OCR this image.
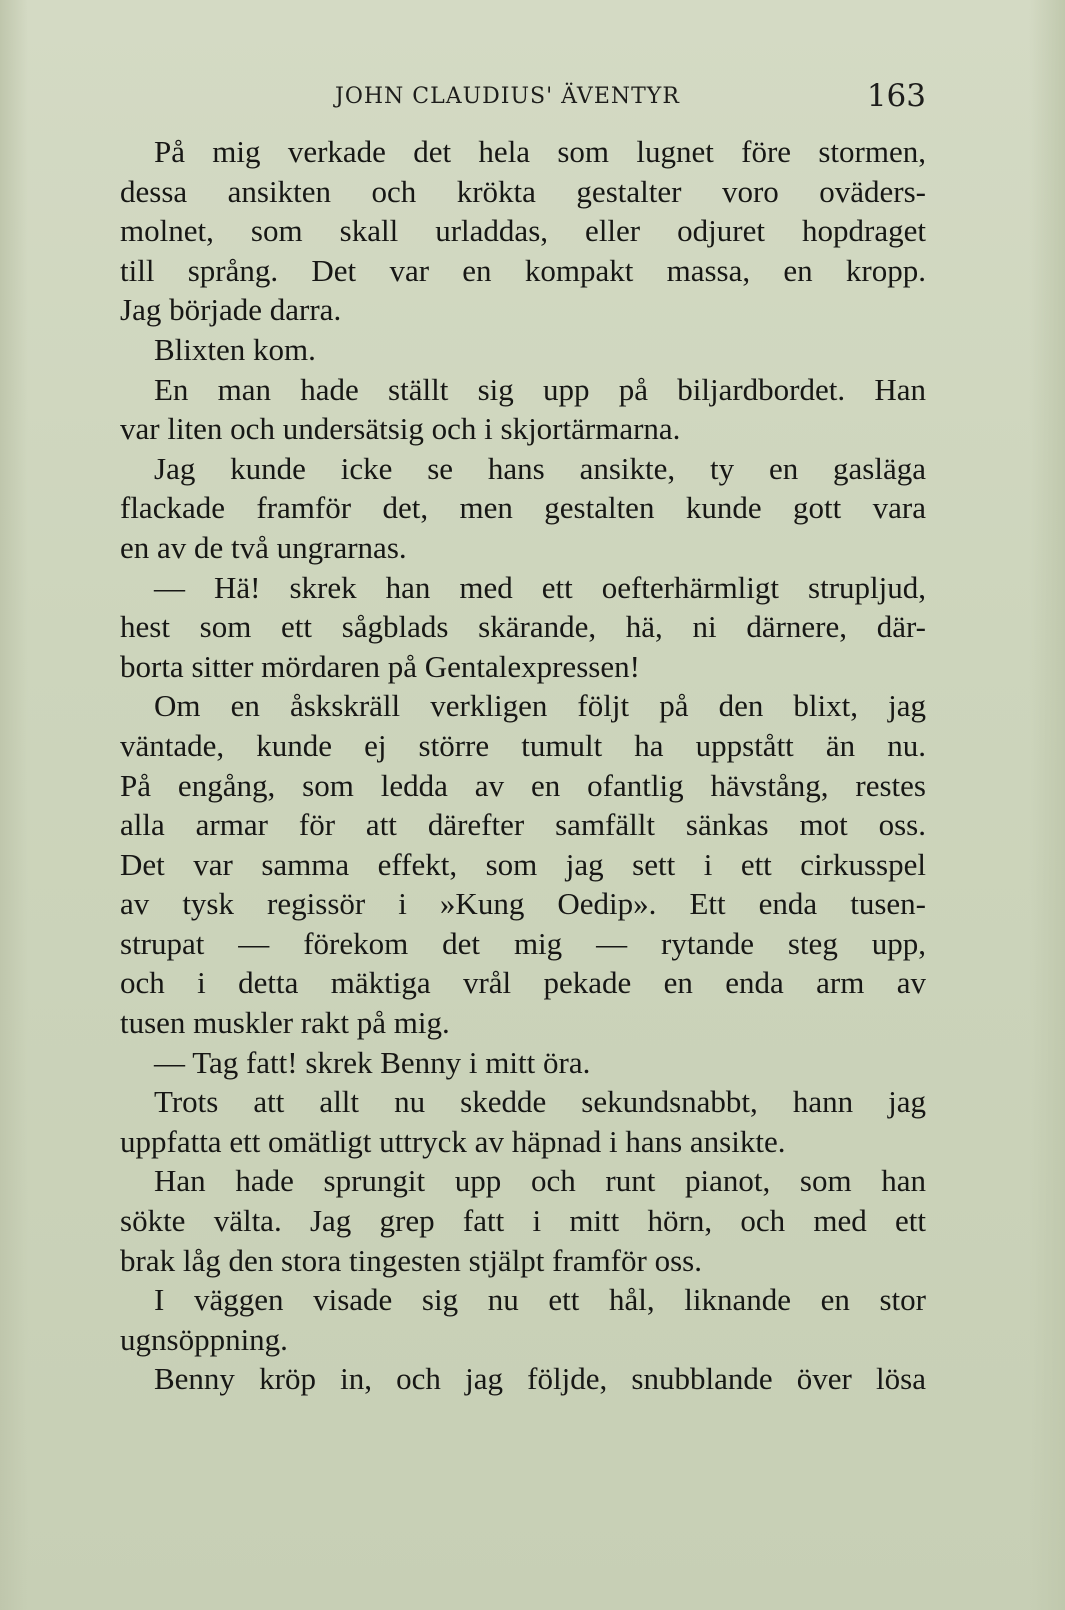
JOHN CLAUDIUS' ÄVENTYR	163
På mig verkade det hela som lugnet före stormen,
dessa ansikten och krökta gestalter voro oväders-
molnet, som skall urladdas, eller odjuret hopdraget
till språng. Det var en kompakt massa, en kropp.
Jag började darra.
Blixten kom.
En man hade ställt sig upp på biljardbordet. Han
var liten och undersätsig och i skjortärmarna.
Jag kunde icke se hans ansikte, ty en gasläga
flackade framför det, men gestalten kunde gott vara
en av de två ungrarnas.
— Hä! skrek han med ett oefterhärmligt strupljud,
hest som ett sågblads skärande, hä, ni därnere, där-
borta sitter mördaren på Gentalexpressen!
Om en åskskräll verkligen följt på den blixt, jag
väntade, kunde ej större tumult ha uppstått än nu.
På engång, som ledda av en ofantlig hävstång, restes
alla armar för att därefter samfällt sänkas mot oss.
Det var samma effekt, som jag sett i ett cirkusspel
av tysk regissör i »Kung Oedip». Ett enda tusen-
strupat — förekom det mig — rytande steg upp,
och i detta mäktiga vrål pekade en enda arm av
tusen muskler rakt på mig.
— Tag fatt! skrek Benny i mitt öra.
Trots att allt nu skedde sekundsnabbt, hann jag
uppfatta ett omätligt uttryck av häpnad i hans ansikte.
Han hade sprungit upp och runt pianot, som han
sökte välta. Jag grep fatt i mitt hörn, och med ett
brak låg den stora tingesten stjälpt framför oss.
I väggen visade sig nu ett hål, liknande en stor
ugnsöppning.
Benny kröp in, och jag följde, snubblande över lösa
